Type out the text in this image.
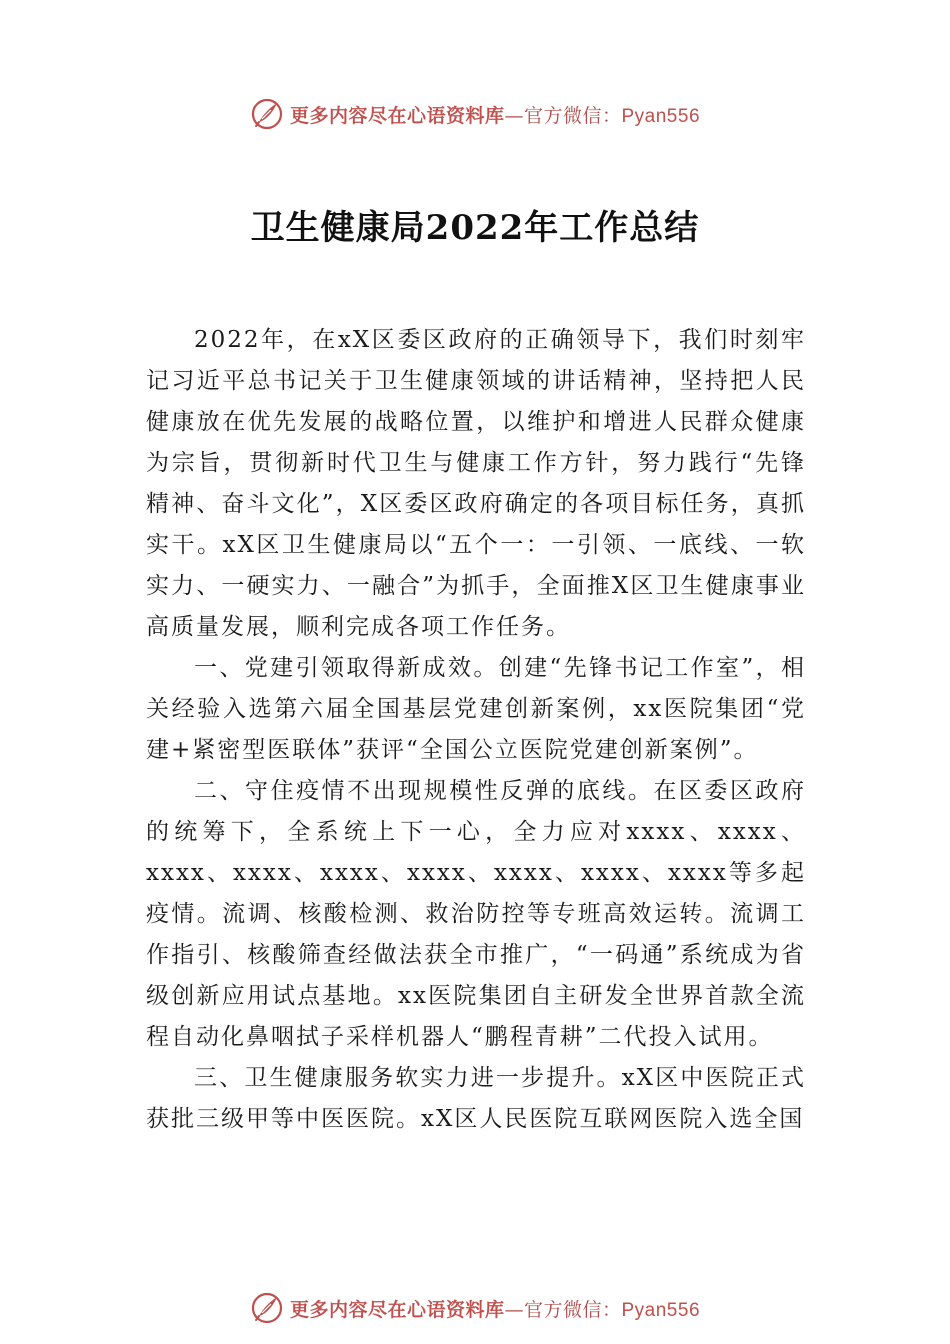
更多内容尽在心语资料库—官方微信：Pyan556
卫生健康局2022年工作总结

2022年，在xX区委区政府的正确领导下，我们时刻牢记习近平总书记关于卫生健康领域的讲话精神，坚持把人民健康放在优先发展的战略位置，以维护和增进人民群众健康为宗旨，贯彻新时代卫生与健康工作方针，努力践行“先锋精神、奋斗文化”，X区委区政府确定的各项目标任务，真抓实干。xX区卫生健康局以“五个一：一引领、一底线、一软实力、一硬实力、一融合”为抓手，全面推X区卫生健康事业高质量发展，顺利完成各项工作任务。

一、党建引领取得新成效。创建“先锋书记工作室”，相关经验入选第六届全国基层党建创新案例，xx医院集团“党建+紧密型医联体”获评“全国公立医院党建创新案例”。

二、守住疫情不出现规模性反弹的底线。在区委区政府的统筹下，全系统上下一心，全力应对xxxx、xxxx、xxxx、xxxx、xxxx、xxxx、xxxx、xxxx、xxxx等多起疫情。流调、核酸检测、救治防控等专班高效运转。流调工作指引、核酸筛查经做法获全市推广，“一码通”系统成为省级创新应用试点基地。xx医院集团自主研发全世界首款全流程自动化鼻咽拭子采样机器人“鹏程青耕”二代投入试用。

三、卫生健康服务软实力进一步提升。xX区中医院正式获批三级甲等中医医院。xX区人民医院互联网医院入选全国

更多内容尽在心语资料库—官方微信：Pyan556
